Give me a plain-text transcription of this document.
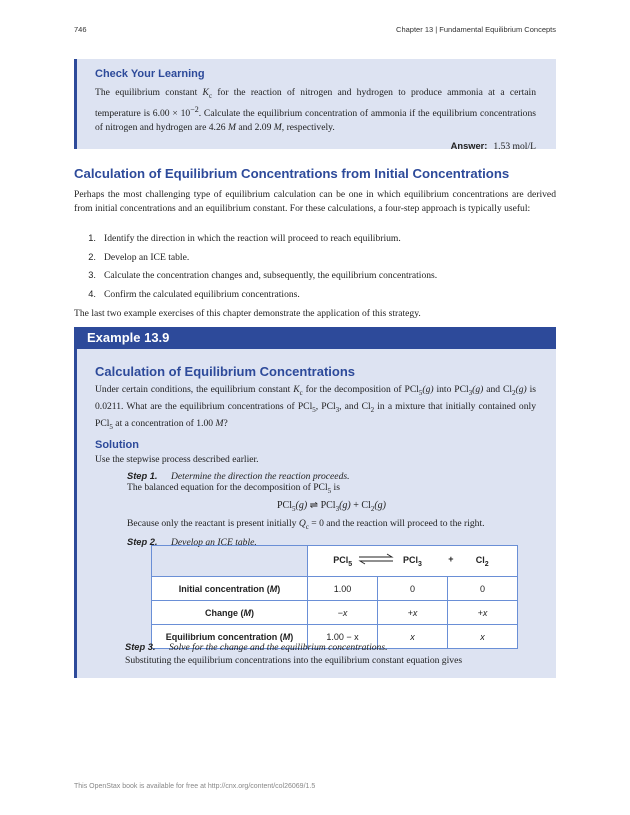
746	Chapter 13 | Fundamental Equilibrium Concepts
Check Your Learning

The equilibrium constant $K_c$ for the reaction of nitrogen and hydrogen to produce ammonia at a certain temperature is $6.00 \times 10^{-2}$. Calculate the equilibrium concentration of ammonia if the equilibrium concentrations of nitrogen and hydrogen are 4.26 M and 2.09 M, respectively.

Answer: 1.53 mol/L
Calculation of Equilibrium Concentrations from Initial Concentrations

Perhaps the most challenging type of equilibrium calculation can be one in which equilibrium concentrations are derived from initial concentrations and an equilibrium constant. For these calculations, a four-step approach is typically useful:

1. Identify the direction in which the reaction will proceed to reach equilibrium.
2. Develop an ICE table.
3. Calculate the concentration changes and, subsequently, the equilibrium concentrations.
4. Confirm the calculated equilibrium concentrations.

The last two example exercises of this chapter demonstrate the application of this strategy.

Example 13.9
Calculation of Equilibrium Concentrations

Under certain conditions, the equilibrium constant $K_c$ for the decomposition of PCl$_5$(g) into PCl$_3$(g) and $Cl_2(g)$ is 0.0211. What are the equilibrium concentrations of PCl$_5$, PCl$_3$, and $Cl_2$ in a mixture that initially contained only PCl$_5$ at a concentration of 1.00 M?

Solution

Use the stepwise process described earlier.

Step 1. Determine the direction the reaction proceeds.

The balanced equation for the decomposition of PCl$_5$ is

PCl$_5$(g) ⇌ $PCl_3(g) + Cl_2(g)$

Because only the reactant is present initially $Q_c = 0$ and the reaction will proceed to the right.

Step 2. Develop an ICE table.
	PCl$_5$	⇌ PCl$_3$ +	$Cl_2$
Initial concentration (M)	1.00	0	0
Change (M)	−x	+x	+x
Equilibrium concentration (M)	1.00 − x	x	x
Step 3. Solve for the change and the equilibrium concentrations.
Substituting the equilibrium concentrations into the equilibrium constant equation gives
This OpenStax book is available for free at http://cnx.org/content/col26069/1.5
